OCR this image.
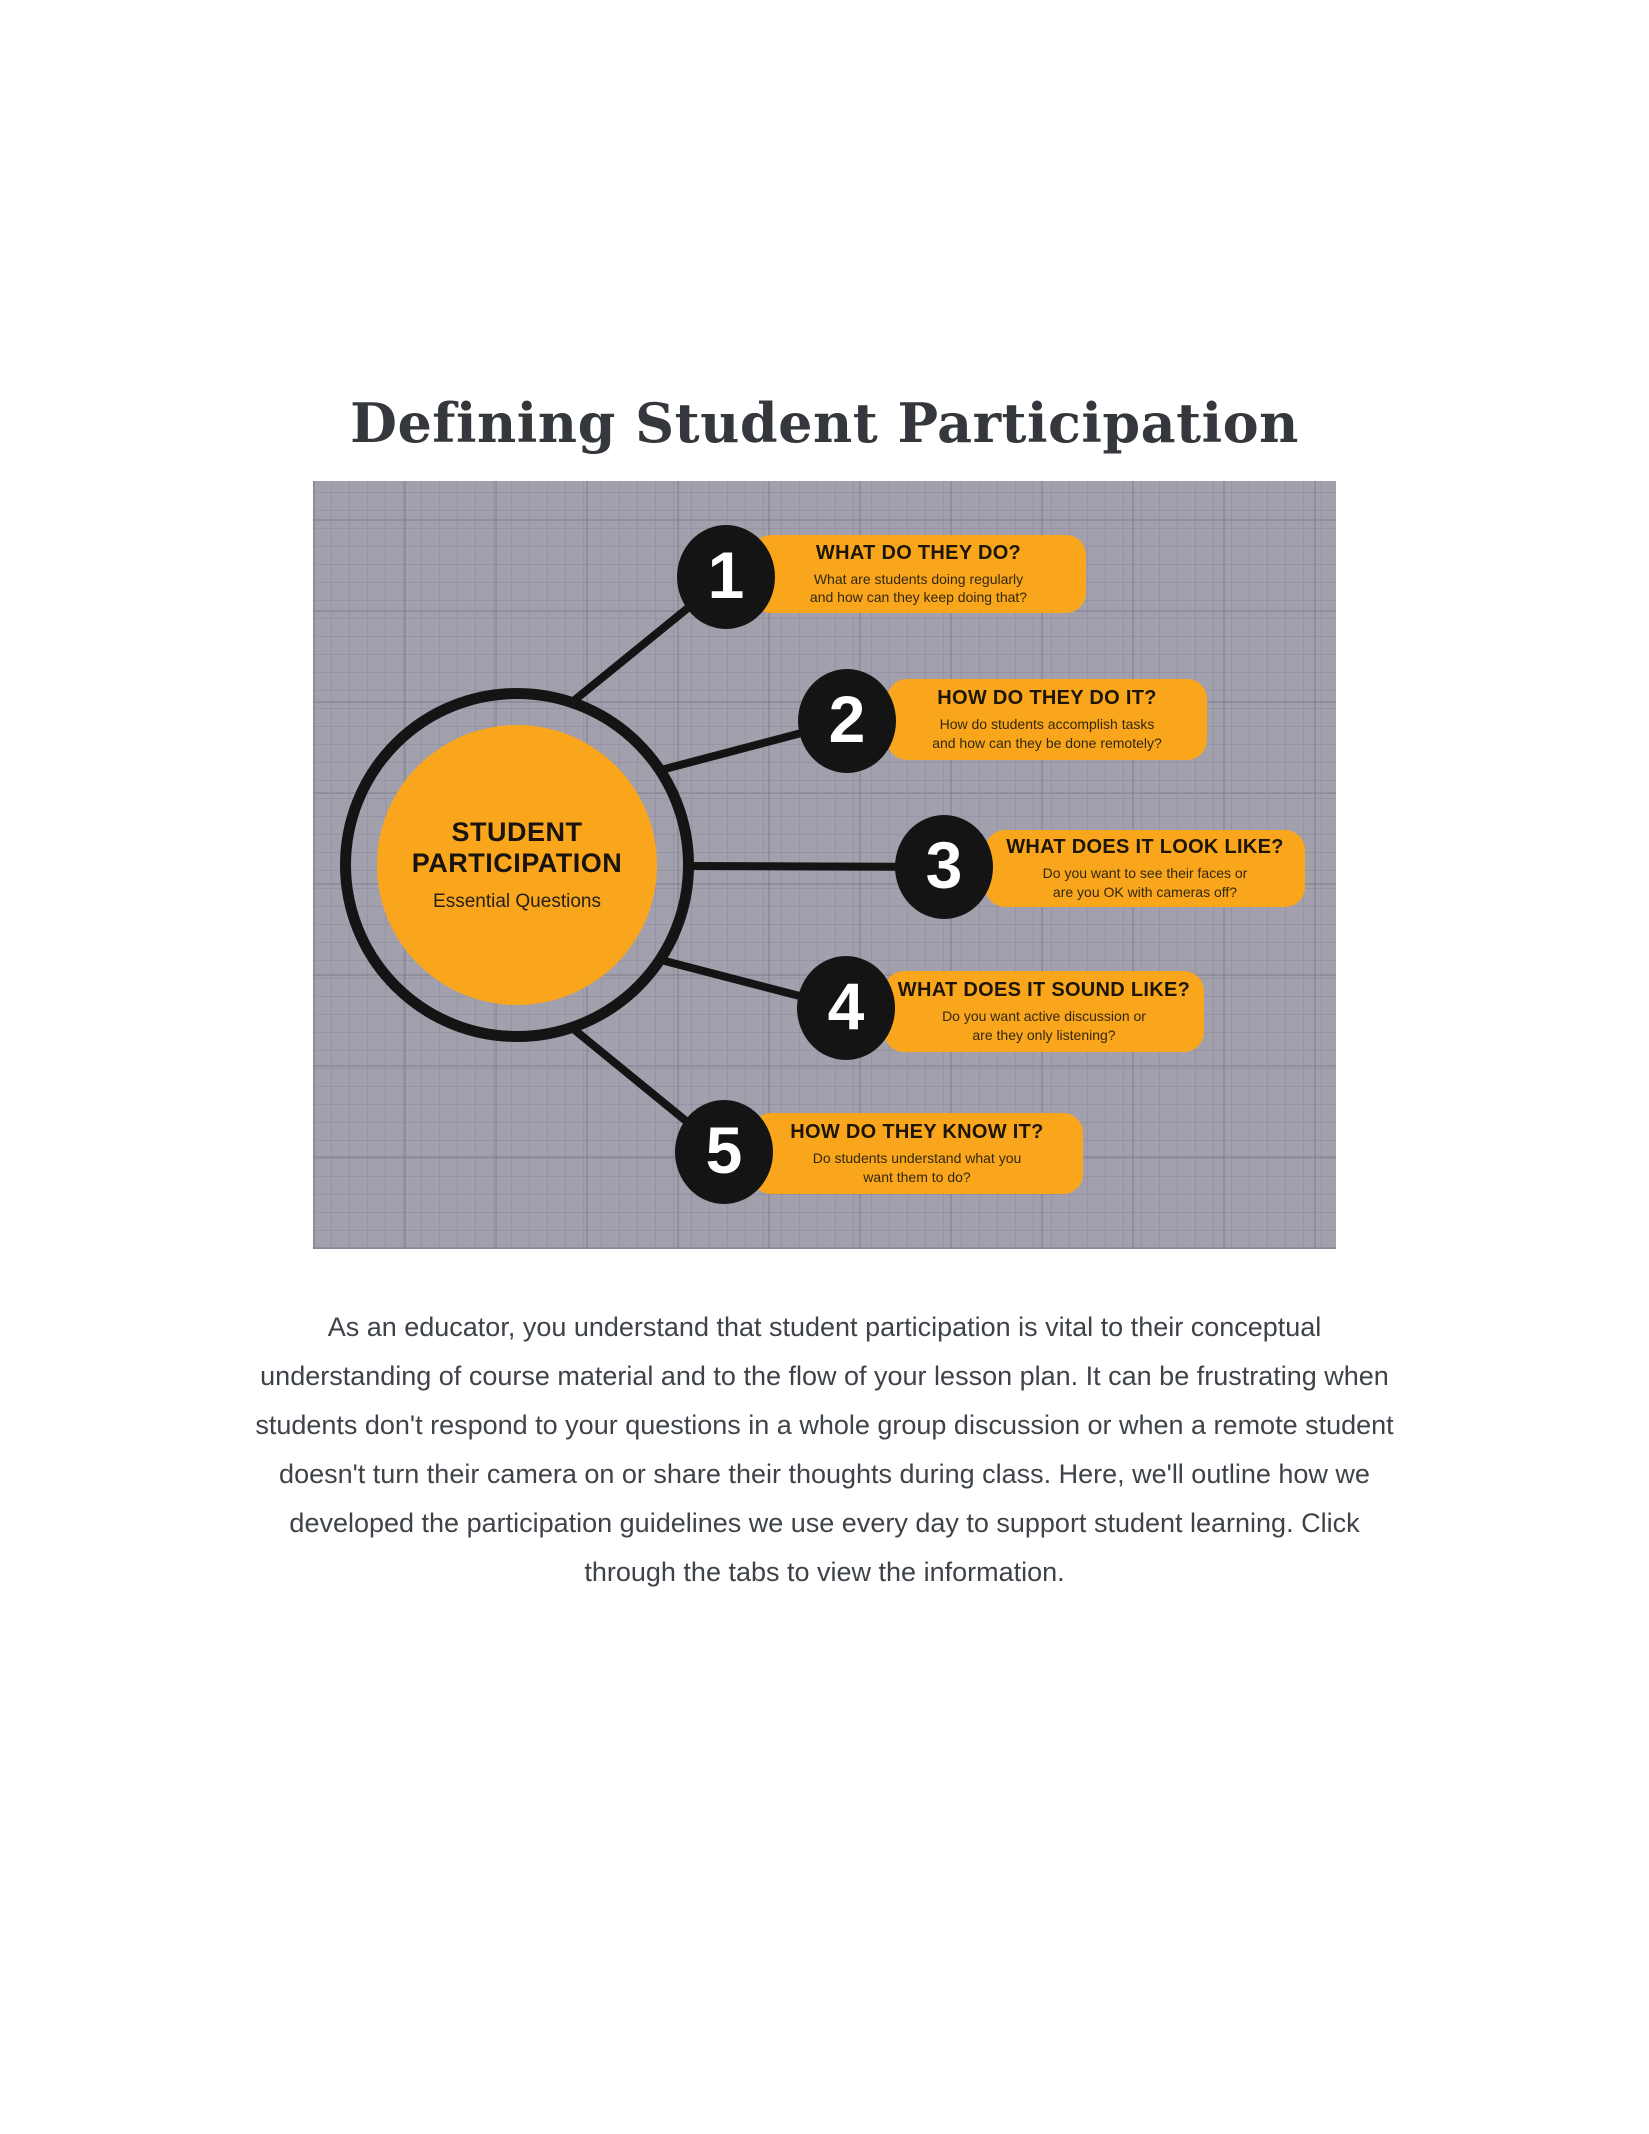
Defining Student Participation
STUDENT
PARTICIPATION
Essential Questions
1	WHAT DO THEY DO?
What are students doing regularly
and how can they keep doing that?
2	HOW DO THEY DO IT?
How do students accomplish tasks
and how can they be done remotely?
3 WHAT DOES IT LOOK LIKE?
Do you want to see their faces or
are you OK with cameras off?
4 WHAT DOES IT SOUND LIKE?
Do you want active discussion or
are they only listening?
5 HOW DO THEY KNOW IT?
Do students understand what you
want them to do?
As an educator, you understand that student participation is vital to their conceptual
understanding of course material and to the flow of your lesson plan. It can be frustrating when
students don't respond to your questions in a whole group discussion or when a remote student
doesn't turn their camera on or share their thoughts during class. Here, we'll outline how we
developed the participation guidelines we use every day to support student learning. Click
through the tabs to view the information.
